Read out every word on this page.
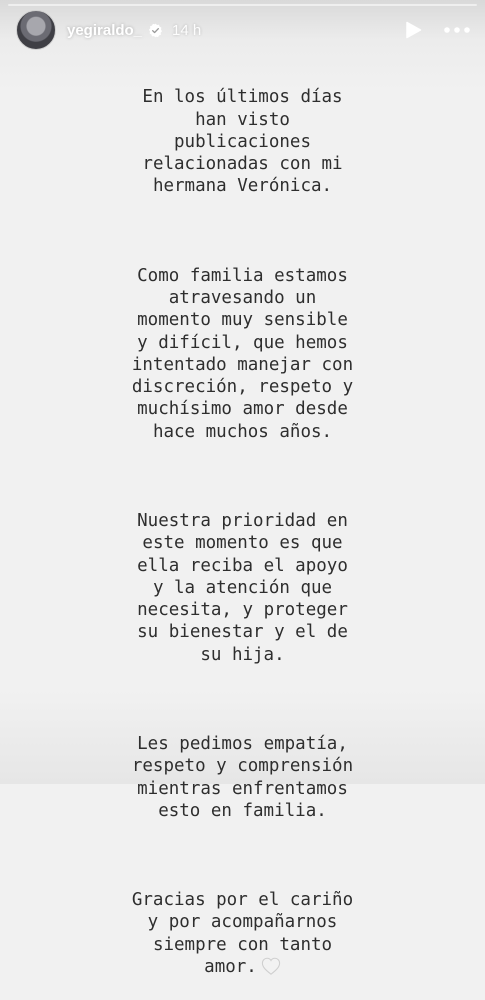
yegiraldo_ 14 h

En los últimos días
han visto
publicaciones
relacionadas con mi
hermana Verónica.

Como familia estamos
atravesando un
momento muy sensible
y difícil, que hemos
intentado manejar con
discreción, respeto y
muchísimo amor desde
hace muchos años.

Nuestra prioridad en
este momento es que
ella reciba el apoyo
y la atención que
necesita, y proteger
su bienestar y el de
su hija.

Les pedimos empatía,
respeto y comprensión
mientras enfrentamos
esto en familia.

Gracias por el cariño
y por acompañarnos
siempre con tanto
amor.
